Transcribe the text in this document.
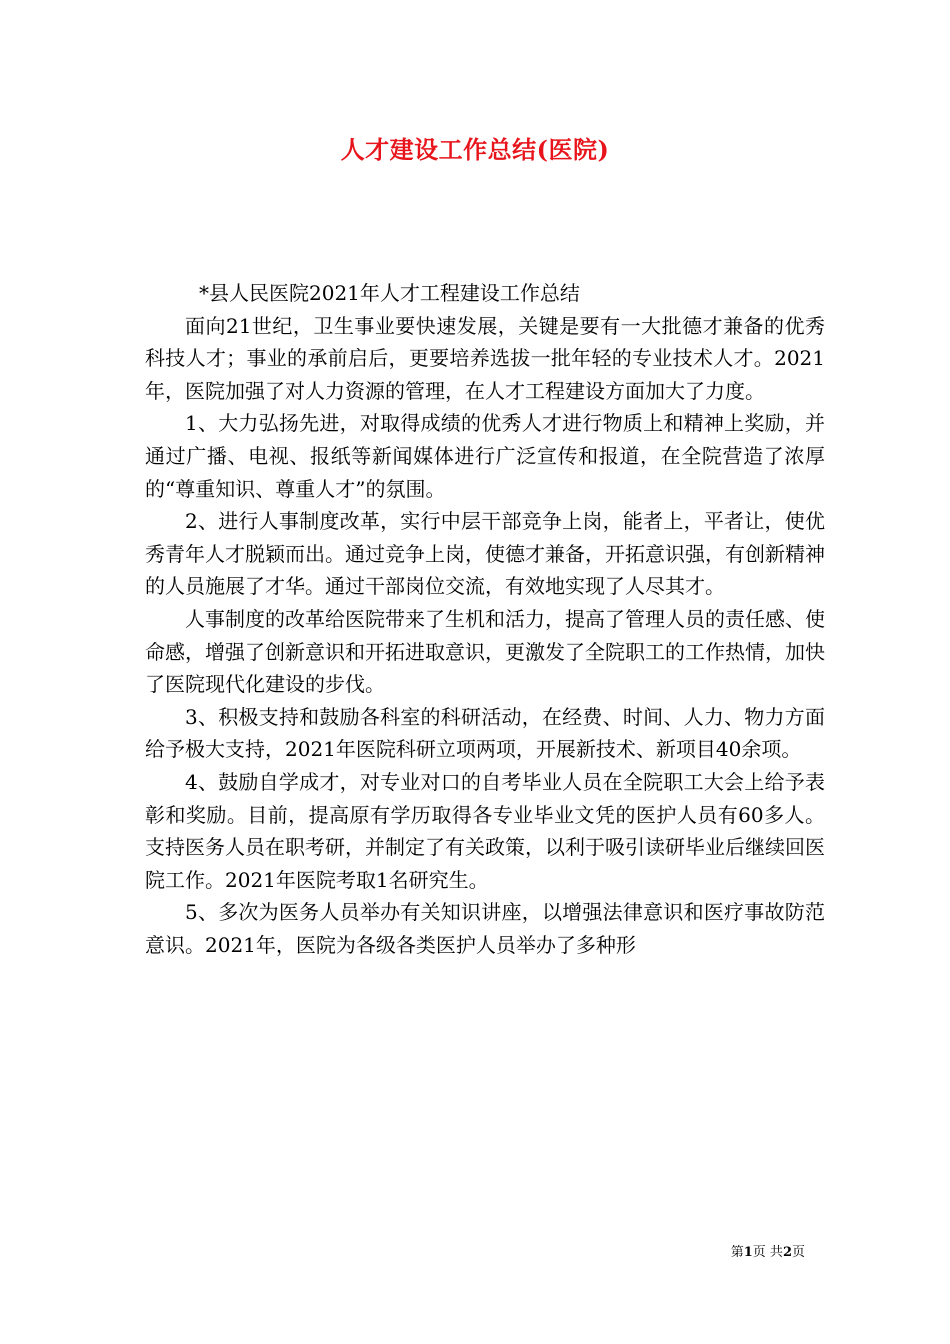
人才建设工作总结(医院)

*县人民医院2021年人才工程建设工作总结

面向21世纪，卫生事业要快速发展，关键是要有一大批德才兼备的优秀科技人才；事业的承前启后，更要培养选拔一批年轻的专业技术人才。2021年，医院加强了对人力资源的管理，在人才工程建设方面加大了力度。

1、大力弘扬先进，对取得成绩的优秀人才进行物质上和精神上奖励，并通过广播、电视、报纸等新闻媒体进行广泛宣传和报道，在全院营造了浓厚的“尊重知识、尊重人才”的氛围。

2、进行人事制度改革，实行中层干部竞争上岗，能者上，平者让，使优秀青年人才脱颖而出。通过竞争上岗，使德才兼备，开拓意识强，有创新精神的人员施展了才华。通过干部岗位交流，有效地实现了人尽其才。

人事制度的改革给医院带来了生机和活力，提高了管理人员的责任感、使命感，增强了创新意识和开拓进取意识，更激发了全院职工的工作热情，加快了医院现代化建设的步伐。

3、积极支持和鼓励各科室的科研活动，在经费、时间、人力、物力方面给予极大支持，2021年医院科研立项两项，开展新技术、新项目40余项。

4、鼓励自学成才，对专业对口的自考毕业人员在全院职工大会上给予表彰和奖励。目前，提高原有学历取得各专业毕业文凭的医护人员有60多人。支持医务人员在职考研，并制定了有关政策，以利于吸引读研毕业后继续回医院工作。2021年医院考取1名研究生。

5、多次为医务人员举办有关知识讲座，以增强法律意识和医疗事故防范意识。2021年，医院为各级各类医护人员举办了多种形

第1页 共2页
